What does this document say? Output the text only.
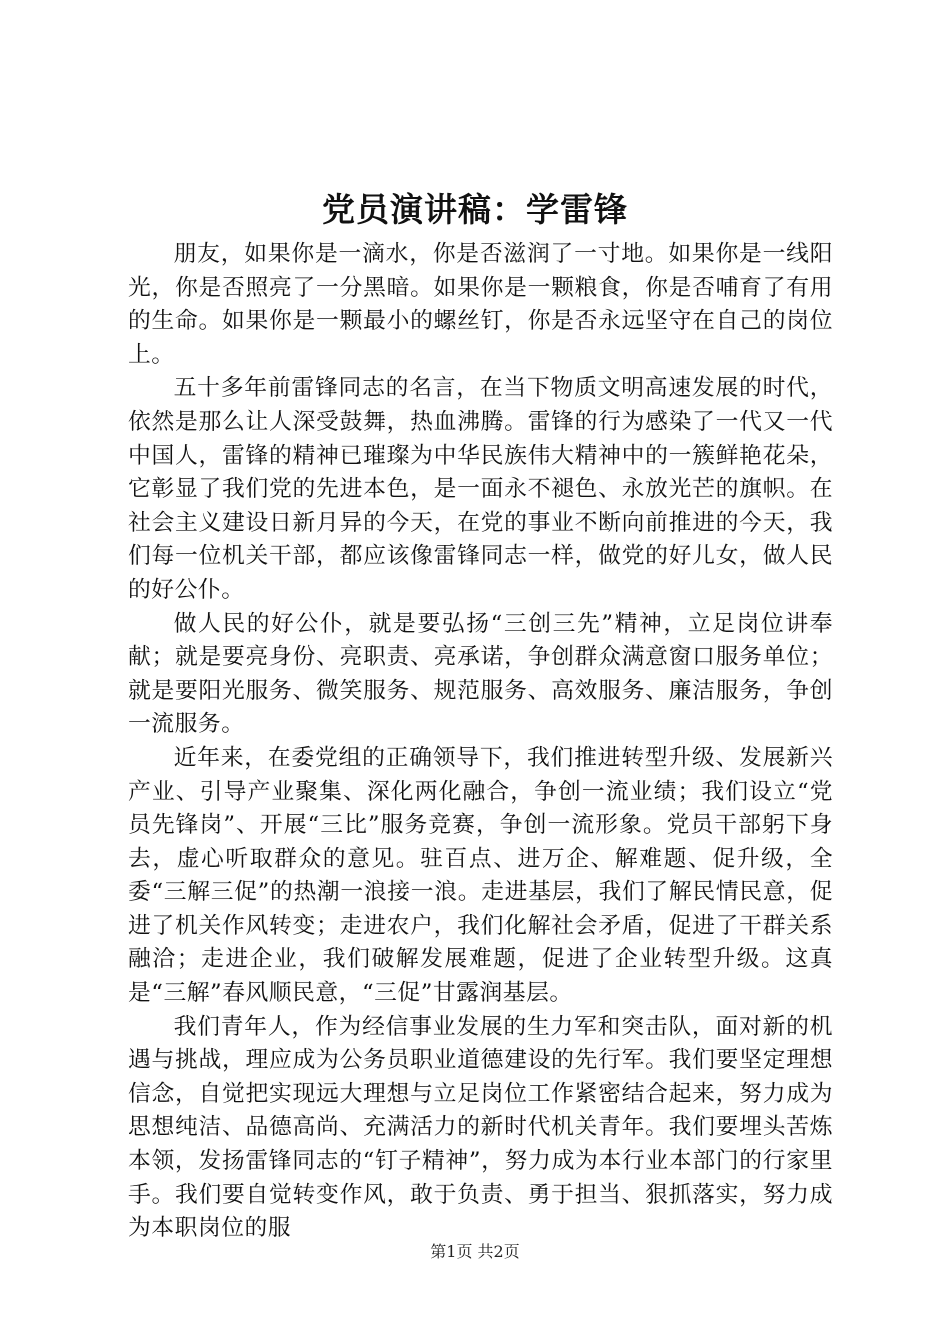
党员演讲稿：学雷锋

朋友，如果你是一滴水，你是否滋润了一寸地。如果你是一线阳光，你是否照亮了一分黑暗。如果你是一颗粮食，你是否哺育了有用的生命。如果你是一颗最小的螺丝钉，你是否永远坚守在自己的岗位上。

五十多年前雷锋同志的名言，在当下物质文明高速发展的时代，依然是那么让人深受鼓舞，热血沸腾。雷锋的行为感染了一代又一代中国人，雷锋的精神已璀璨为中华民族伟大精神中的一簇鲜艳花朵，它彰显了我们党的先进本色，是一面永不褪色、永放光芒的旗帜。在社会主义建设日新月异的今天，在党的事业不断向前推进的今天，我们每一位机关干部，都应该像雷锋同志一样，做党的好儿女，做人民的好公仆。

做人民的好公仆，就是要弘扬“三创三先”精神，立足岗位讲奉献；就是要亮身份、亮职责、亮承诺，争创群众满意窗口服务单位；就是要阳光服务、微笑服务、规范服务、高效服务、廉洁服务，争创一流服务。

近年来，在委党组的正确领导下，我们推进转型升级、发展新兴产业、引导产业聚集、深化两化融合，争创一流业绩；我们设立“党员先锋岗”、开展“三比”服务竞赛，争创一流形象。党员干部躬下身去，虚心听取群众的意见。驻百点、进万企、解难题、促升级，全委“三解三促”的热潮一浪接一浪。走进基层，我们了解民情民意，促进了机关作风转变；走进农户，我们化解社会矛盾，促进了干群关系融洽；走进企业，我们破解发展难题，促进了企业转型升级。这真是“三解”春风顺民意，“三促”甘露润基层。

我们青年人，作为经信事业发展的生力军和突击队，面对新的机遇与挑战，理应成为公务员职业道德建设的先行军。我们要坚定理想信念，自觉把实现远大理想与立足岗位工作紧密结合起来，努力成为思想纯洁、品德高尚、充满活力的新时代机关青年。我们要埋头苦炼本领，发扬雷锋同志的“钉子精神”，努力成为本行业本部门的行家里手。我们要自觉转变作风，敢于负责、勇于担当、狠抓落实，努力成为本职岗位的服

第1页 共2页
